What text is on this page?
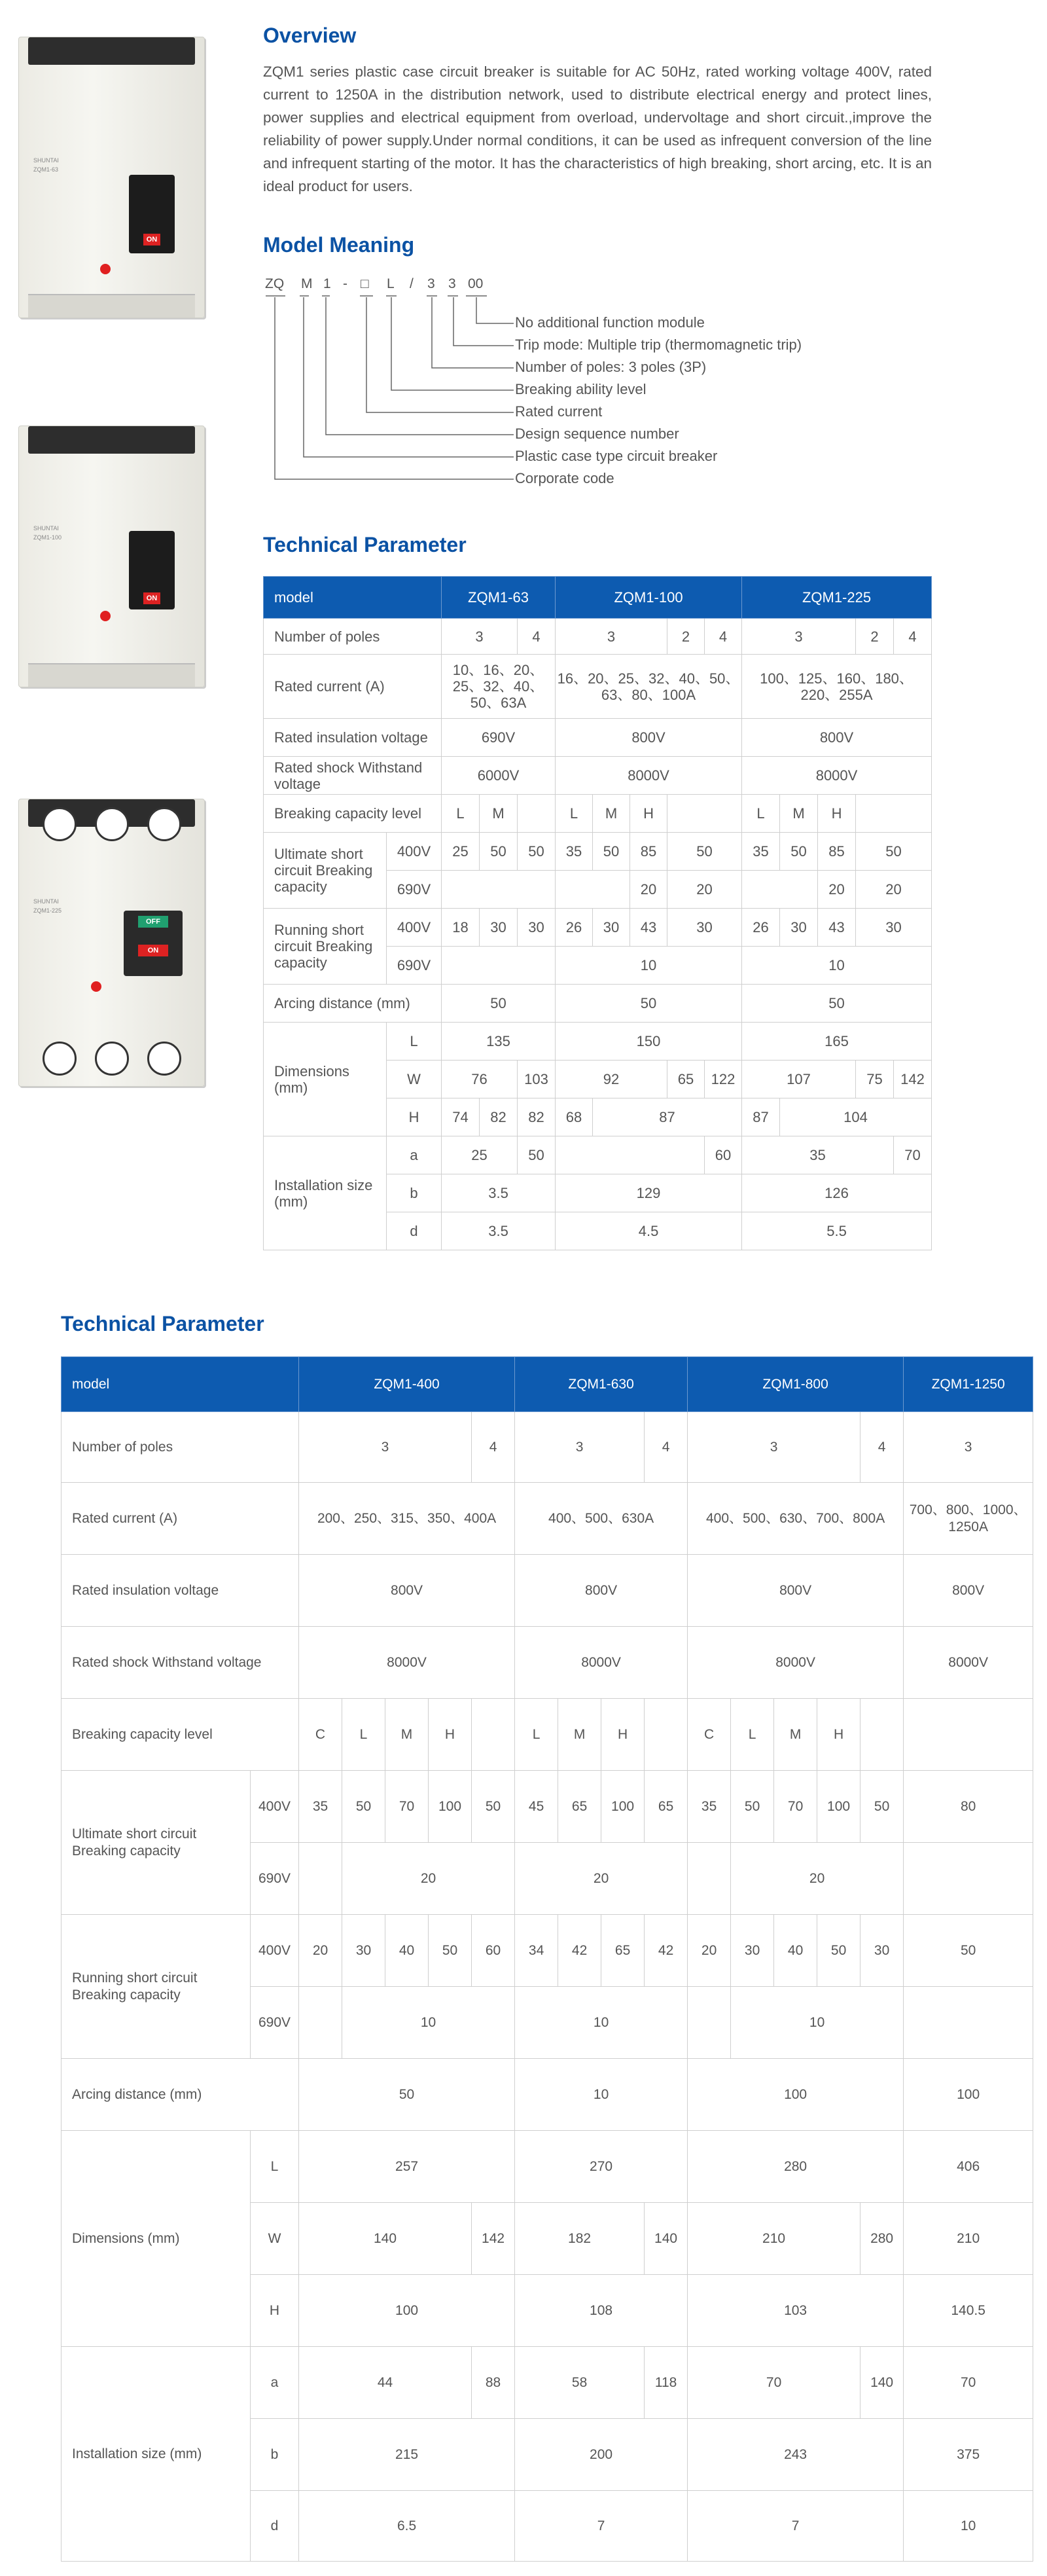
Overview
ZQM1 series plastic case circuit breaker is suitable for AC 50Hz, rated working voltage 400V, rated current to 1250A in the distribution network, used to distribute electrical energy and protect lines, power supplies and electrical equipment from overload, undervoltage and short circuit.,improve the reliability of power supply.Under normal conditions, it can be used as infrequent conversion of the line and infrequent starting of the motor. It has the characteristics of high breaking, short arcing, etc. It is an ideal product for users.
SHUNTAI
ZQM1-63
ON
SHUNTAI
ZQM1-100
ON
SHUNTAI
ZQM1-225
OFF
ON
Model Meaning
ZQ M 1 - □ L / 3 3 00
No additional function module
Trip mode: Multiple trip (thermomagnetic trip)
Number of poles: 3 poles (3P)
Breaking ability level
Rated current
Design sequence number
Plastic case type circuit breaker
Corporate code
Technical Parameter
model		ZQM1-63			ZQM1-100					ZQM1-225				
Number of poles		3		4	3			2	4	3			2	4
Rated current (A)		10、16、20、25、32、40、50、63A			16、20、25、32、40、50、63、80、100A					100、125、160、180、220、255A				
Rated insulation voltage		690V			800V					800V				
Rated shock Withstand voltage		6000V			8000V					8000V				
Breaking capacity level		L	M		L	M	H			L	M	H		
Ultimate short circuit Breaking capacity	400V	25	50	50	35	50	85	50		35	50	85	50	
	690V						20	20				20	20	
Running short circuit Breaking capacity	400V	18	30	30	26	30	43	30		26	30	43	30	
	690V				10					10				
Arcing distance (mm)		50			50					50				
Dimensions (mm)	L	135			150					165				
	W	76		103	92			65	122	107			75	142
	H	74	82	82	68	87				87	104			
Installation size (mm)	a	25		50					60	35				70
	b	3.5			129					126				
	d	3.5			4.5					5.5				
Technical Parameter
model		ZQM1-400					ZQM1-630				ZQM1-800					ZQM1-1250
Number of poles		3				4	3			4	3				4	3
Rated current (A)		200、250、315、350、400A					400、500、630A				400、500、630、700、800A					700、800、1000、1250A
Rated insulation voltage		800V					800V				800V					800V
Rated shock Withstand voltage		8000V					8000V				8000V					8000V
Breaking capacity level		C	L	M	H		L	M	H		C	L	M	H		
Ultimate short circuit Breaking capacity	400V	35	50	70	100	50	45	65	100	65	35	50	70	100	50	80
	690V		20				20					20				
Running short circuit Breaking capacity	400V	20	30	40	50	60	34	42	65	42	20	30	40	50	30	50
	690V		10				10					10				
Arcing distance (mm)		50					10				100					100
Dimensions (mm)	L	257					270				280					406
	W	140				142	182			140	210				280	210
	H	100					108				103					140.5
Installation size (mm)	a	44				88	58			118	70				140	70
	b	215					200				243					375
	d	6.5					7				7					10
